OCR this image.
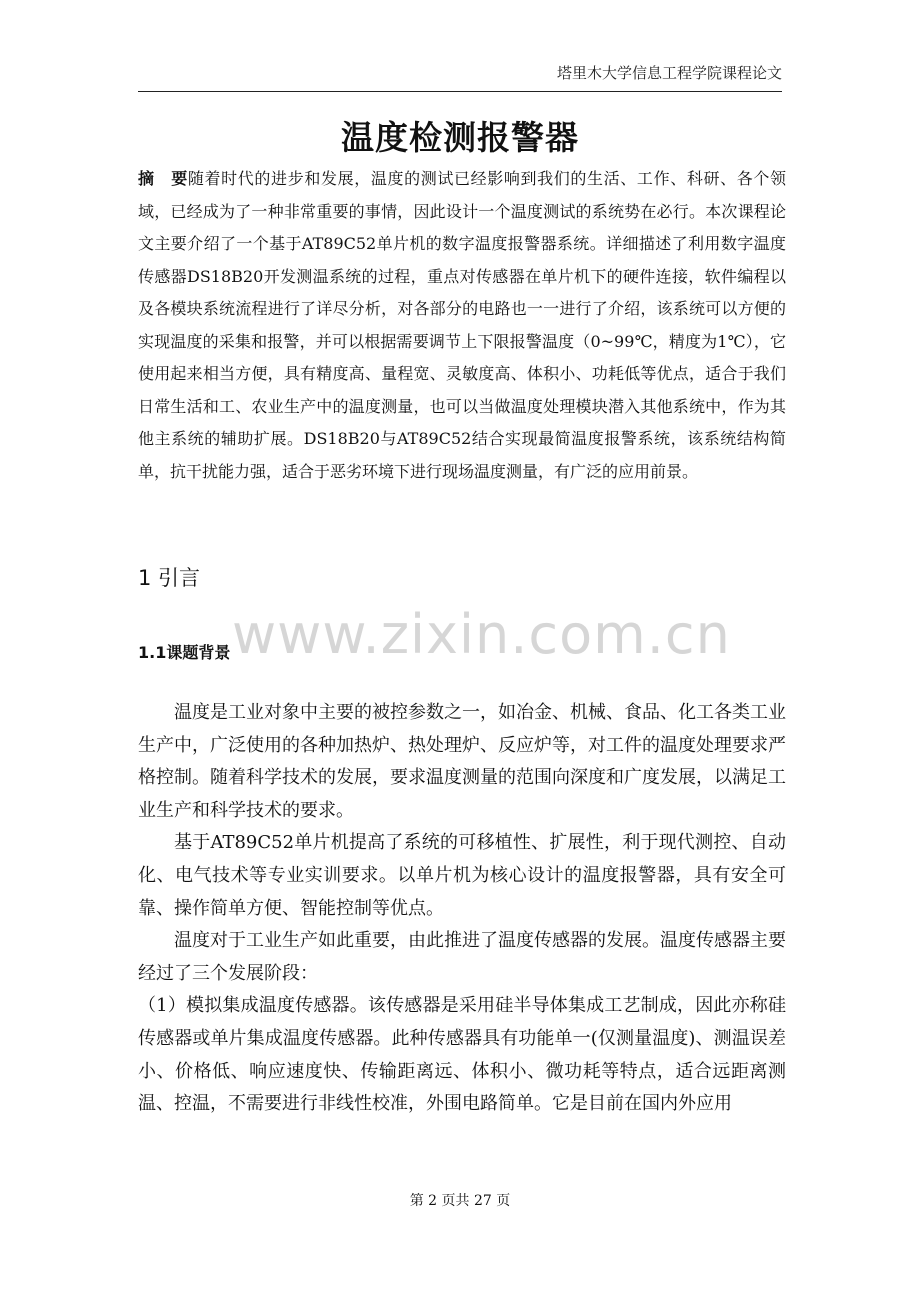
塔里木大学信息工程学院课程论文
温度检测报警器

摘　要随着时代的进步和发展，温度的测试已经影响到我们的生活、工作、科研、各个领域，已经成为了一种非常重要的事情，因此设计一个温度测试的系统势在必行。本次课程论文主要介绍了一个基于AT89C52单片机的数字温度报警器系统。详细描述了利用数字温度传感器DS18B20开发测温系统的过程，重点对传感器在单片机下的硬件连接，软件编程以及各模块系统流程进行了详尽分析，对各部分的电路也一一进行了介绍，该系统可以方便的实现温度的采集和报警，并可以根据需要调节上下限报警温度（0~99℃，精度为1℃），它使用起来相当方便，具有精度高、量程宽、灵敏度高、体积小、功耗低等优点，适合于我们日常生活和工、农业生产中的温度测量，也可以当做温度处理模块潜入其他系统中，作为其他主系统的辅助扩展。DS18B20与AT89C52结合实现最简温度报警系统，该系统结构简单，抗干扰能力强，适合于恶劣环境下进行现场温度测量，有广泛的应用前景。

1 引言
www.zixin.com.cn
1.1课题背景

温度是工业对象中主要的被控参数之一，如冶金、机械、食品、化工各类工业生产中，广泛使用的各种加热炉、热处理炉、反应炉等，对工件的温度处理要求严格控制。随着科学技术的发展，要求温度测量的范围向深度和广度发展，以满足工业生产和科学技术的要求。

基于AT89C52单片机提高了系统的可移植性、扩展性，利于现代测控、自动化、电气技术等专业实训要求。以单片机为核心设计的温度报警器，具有安全可靠、操作简单方便、智能控制等优点。

温度对于工业生产如此重要，由此推进了温度传感器的发展。温度传感器主要经过了三个发展阶段：

（1）模拟集成温度传感器。该传感器是采用硅半导体集成工艺制成，因此亦称硅传感器或单片集成温度传感器。此种传感器具有功能单一(仅测量温度)、测温误差小、价格低、响应速度快、传输距离远、体积小、微功耗等特点，适合远距离测温、控温，不需要进行非线性校准，外围电路简单。它是目前在国内外应用

第 2 页共 27 页
